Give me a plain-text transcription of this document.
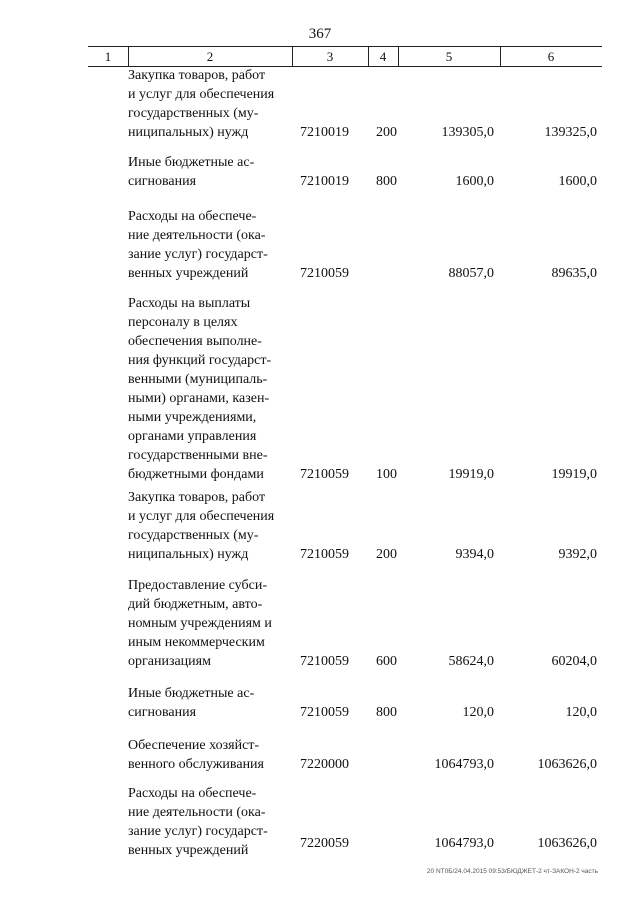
367
1	2	3	4	5	6
Закупка товаров, работ
и услуг для обеспечения
государственных (му-
ниципальных) нужд	7210019 200	139305,0	139325,0
Иные бюджетные ас-
сигнования	7210019 800	1600,0	1600,0
Расходы на обеспече-
ние деятельности (ока-
зание услуг) государст-
венных учреждений	7210059	88057,0	89635,0
Расходы на выплаты
персоналу в целях
обеспечения выполне-
ния функций государст-
венными (муниципаль-
ными) органами, казен-
ными учреждениями,
органами управления
государственными вне-
бюджетными фондами	7210059 100	19919,0	19919,0
Закупка товаров, работ
и услуг для обеспечения
государственных (му-
ниципальных) нужд	7210059 200	9394,0	9392,0
Предоставление субси-
дий бюджетным, авто-
номным учреждениям и
иным некоммерческим
организациям	7210059 600	58624,0	60204,0
Иные бюджетные ас-
сигнования	7210059 800	120,0	120,0
Обеспечение хозяйст-
венного обслуживания	7220000	1064793,0	1063626,0
Расходы на обеспече-
ние деятельности (ока-
зание услуг) государст-
венных учреждений	7220059	1064793,0	1063626,0
20 NT0Б/24.04.2015 09:53/БЮДЖЕТ-2 чт-ЗАКОН-2 часть
